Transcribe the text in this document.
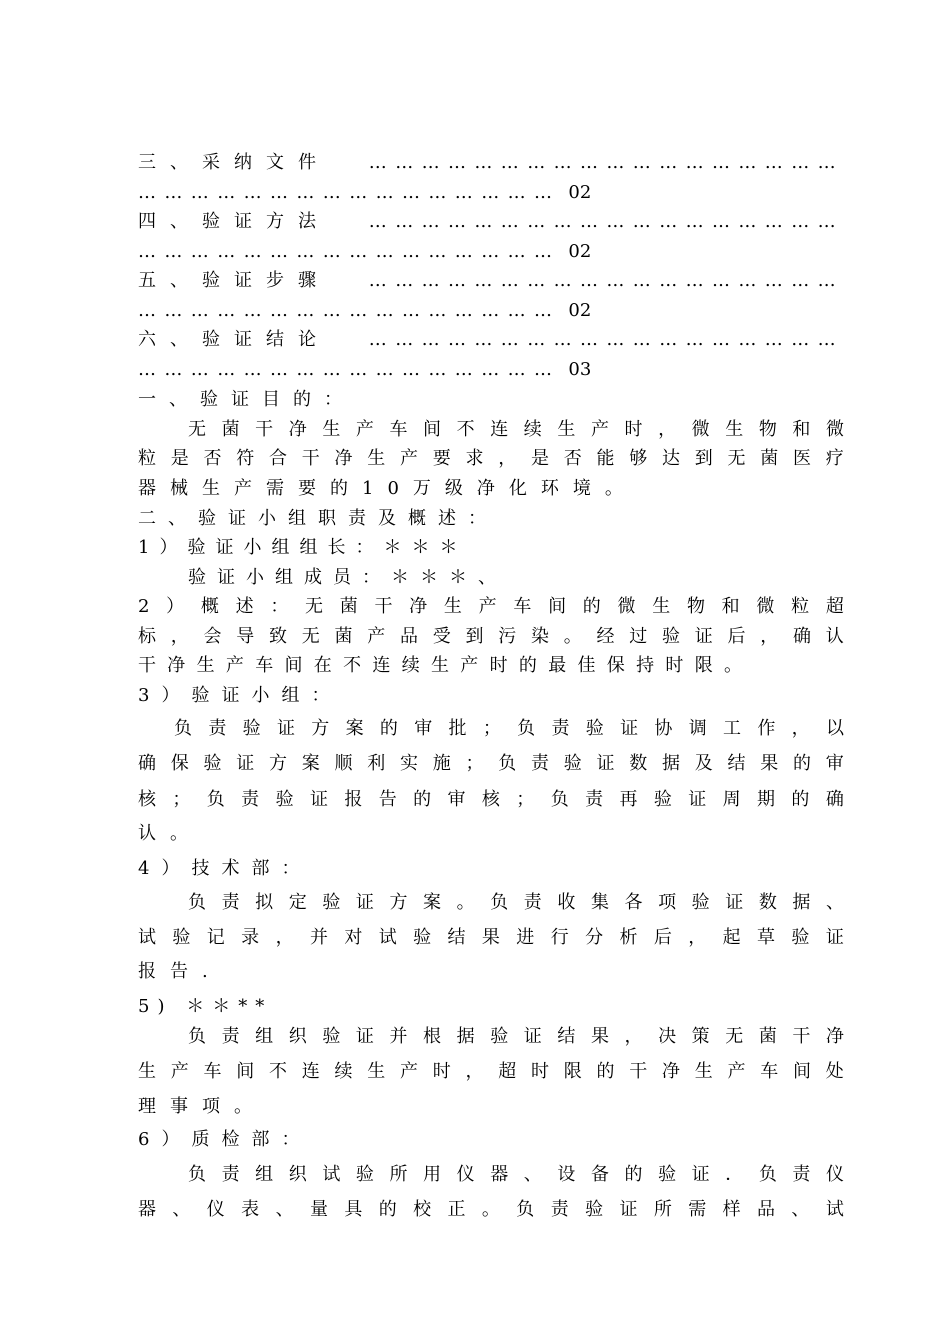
三、采纳文件 ………………………………………………
………………………………………… 02
四、验证方法 ………………………………………………
………………………………………… 02
五、验证步骤 ………………………………………………
………………………………………… 02
六、验证结论 ………………………………………………
………………………………………… 03
一、验证目的：
无 菌 干 净 生 产 车 间 不 连 续 生 产 时 ， 微 生 物 和 微
粒 是 否 符 合 干 净 生 产 要 求 ， 是 否 能 够 达 到 无 菌 医 疗
器械生产需要的10万级净化环境。
二、验证小组职责及概述：
1）验证小组组长：＊＊＊
验证小组成员：＊＊＊、
2 ） 概 述 ： 无 菌 干 净 生 产 车 间 的 微 生 物 和 微 粒 超
标 ， 会 导 致 无 菌 产 品 受 到 污 染 。 经 过 验 证 后 ， 确 认
干净生产车间在不连续生产时的最佳保持时限。
3）验证小组：
负 责 验 证 方 案 的 审 批 ； 负 责 验 证 协 调 工 作 ， 以
确 保 验 证 方 案 顺 利 实 施 ； 负 责 验 证 数 据 及 结 果 的 审
核 ； 负 责 验 证 报 告 的 审 核 ； 负 责 再 验 证 周 期 的 确
认。
4）技术部：
负 责 拟 定 验 证 方 案 。 负 责 收 集 各 项 验 证 数 据 、
试 验 记 录 ， 并 对 试 验 结 果 进 行 分 析 后 ， 起 草 验 证
报告.
5) ＊＊**
负 责 组 织 验 证 并 根 据 验 证 结 果 ， 决 策 无 菌 干 净
生 产 车 间 不 连 续 生 产 时 ， 超 时 限 的 干 净 生 产 车 间 处
理事项。
6）质检部：
负 责 组 织 试 验 所 用 仪 器 、 设 备 的 验 证 ． 负 责 仪
器 、 仪 表 、 量 具 的 校 正 。 负 责 验 证 所 需 样 品 、 试
